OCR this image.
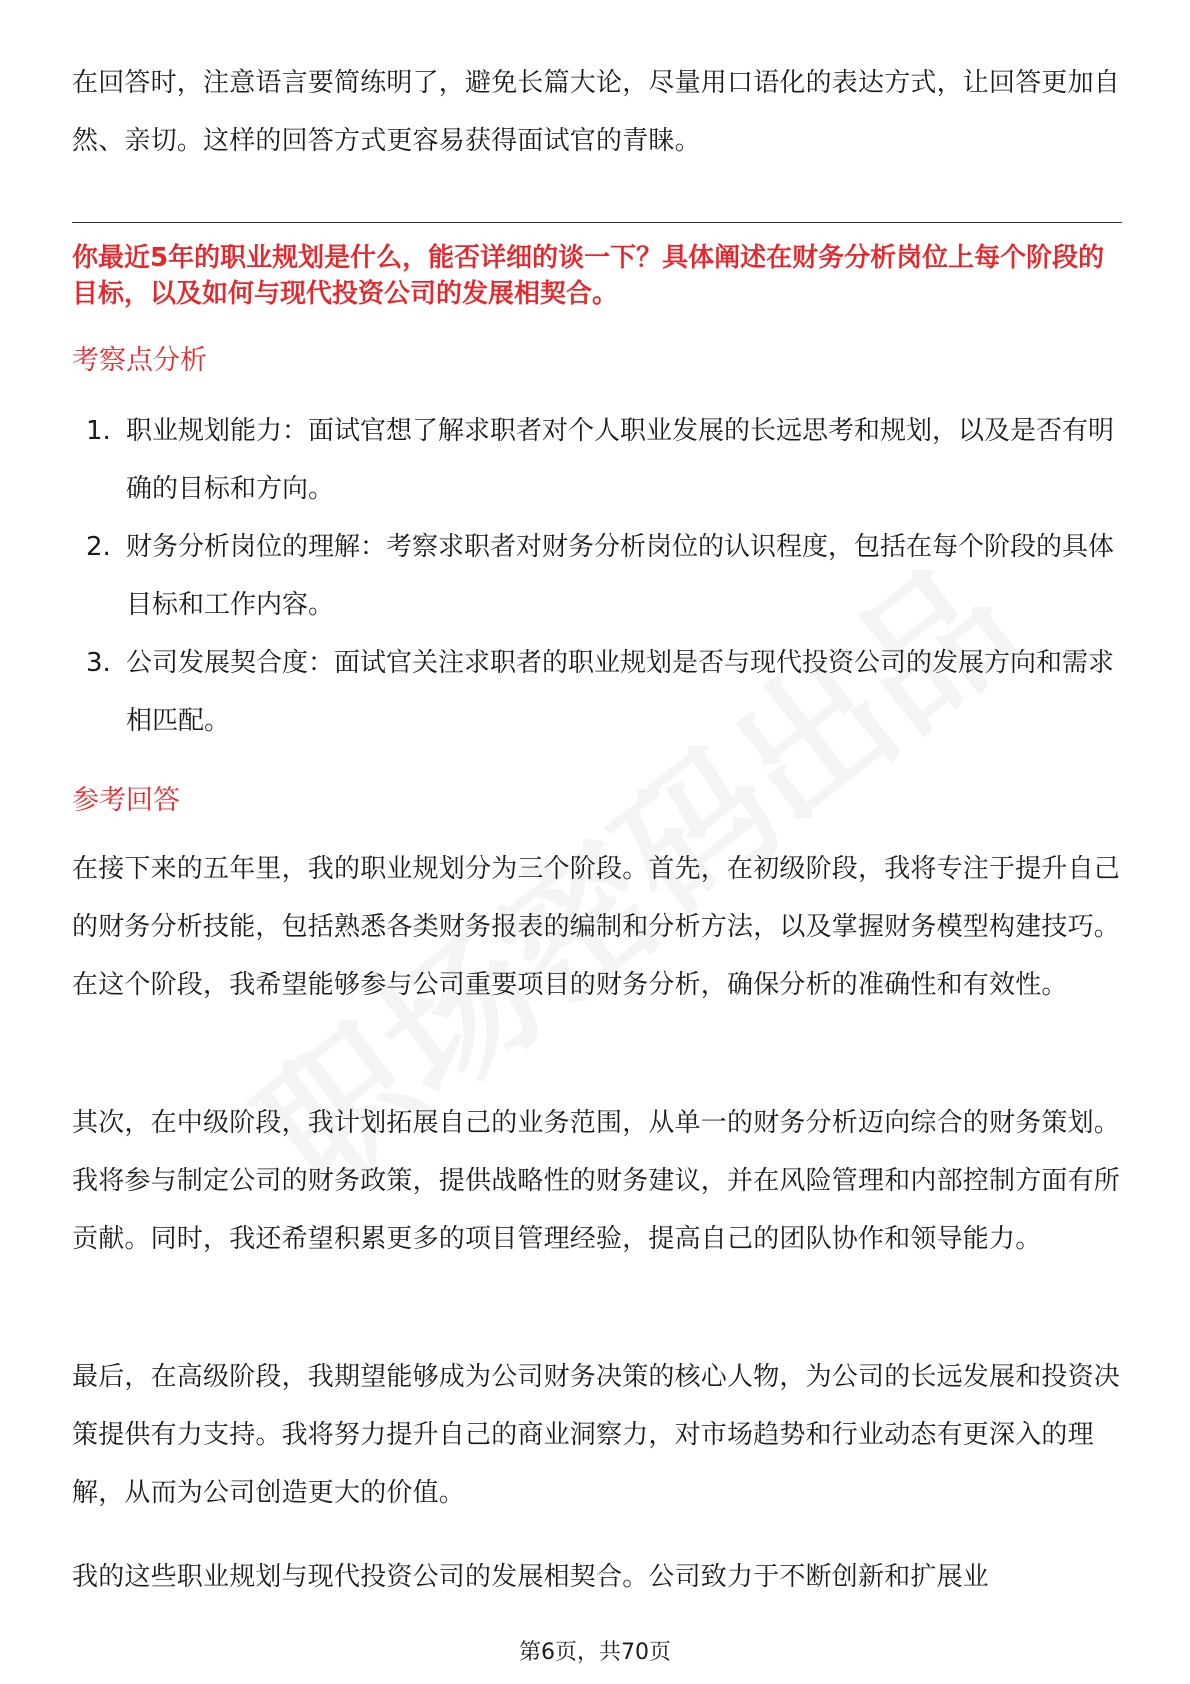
在回答时，注意语言要简练明了，避免长篇大论，尽量用口语化的表达方式，让回答更加自然、亲切。这样的回答方式更容易获得面试官的青睐。

你最近5年的职业规划是什么，能否详细的谈一下？具体阐述在财务分析岗位上每个阶段的目标，以及如何与现代投资公司的发展相契合。

考察点分析
1. 职业规划能力：面试官想了解求职者对个人职业发展的长远思考和规划，以及是否有明确的目标和方向。
2. 财务分析岗位的理解：考察求职者对财务分析岗位的认识程度，包括在每个阶段的具体目标和工作内容。
3. 公司发展契合度：面试官关注求职者的职业规划是否与现代投资公司的发展方向和需求相匹配。
参考回答

在接下来的五年里，我的职业规划分为三个阶段。首先，在初级阶段，我将专注于提升自己的财务分析技能，包括熟悉各类财务报表的编制和分析方法，以及掌握财务模型构建技巧。在这个阶段，我希望能够参与公司重要项目的财务分析，确保分析的准确性和有效性。

其次，在中级阶段，我计划拓展自己的业务范围，从单一的财务分析迈向综合的财务策划。我将参与制定公司的财务政策，提供战略性的财务建议，并在风险管理和内部控制方面有所贡献。同时，我还希望积累更多的项目管理经验，提高自己的团队协作和领导能力。

最后，在高级阶段，我期望能够成为公司财务决策的核心人物，为公司的长远发展和投资决策提供有力支持。我将努力提升自己的商业洞察力，对市场趋势和行业动态有更深入的理解，从而为公司创造更大的价值。

我的这些职业规划与现代投资公司的发展相契合。公司致力于不断创新和扩展业

第6页，共70页
